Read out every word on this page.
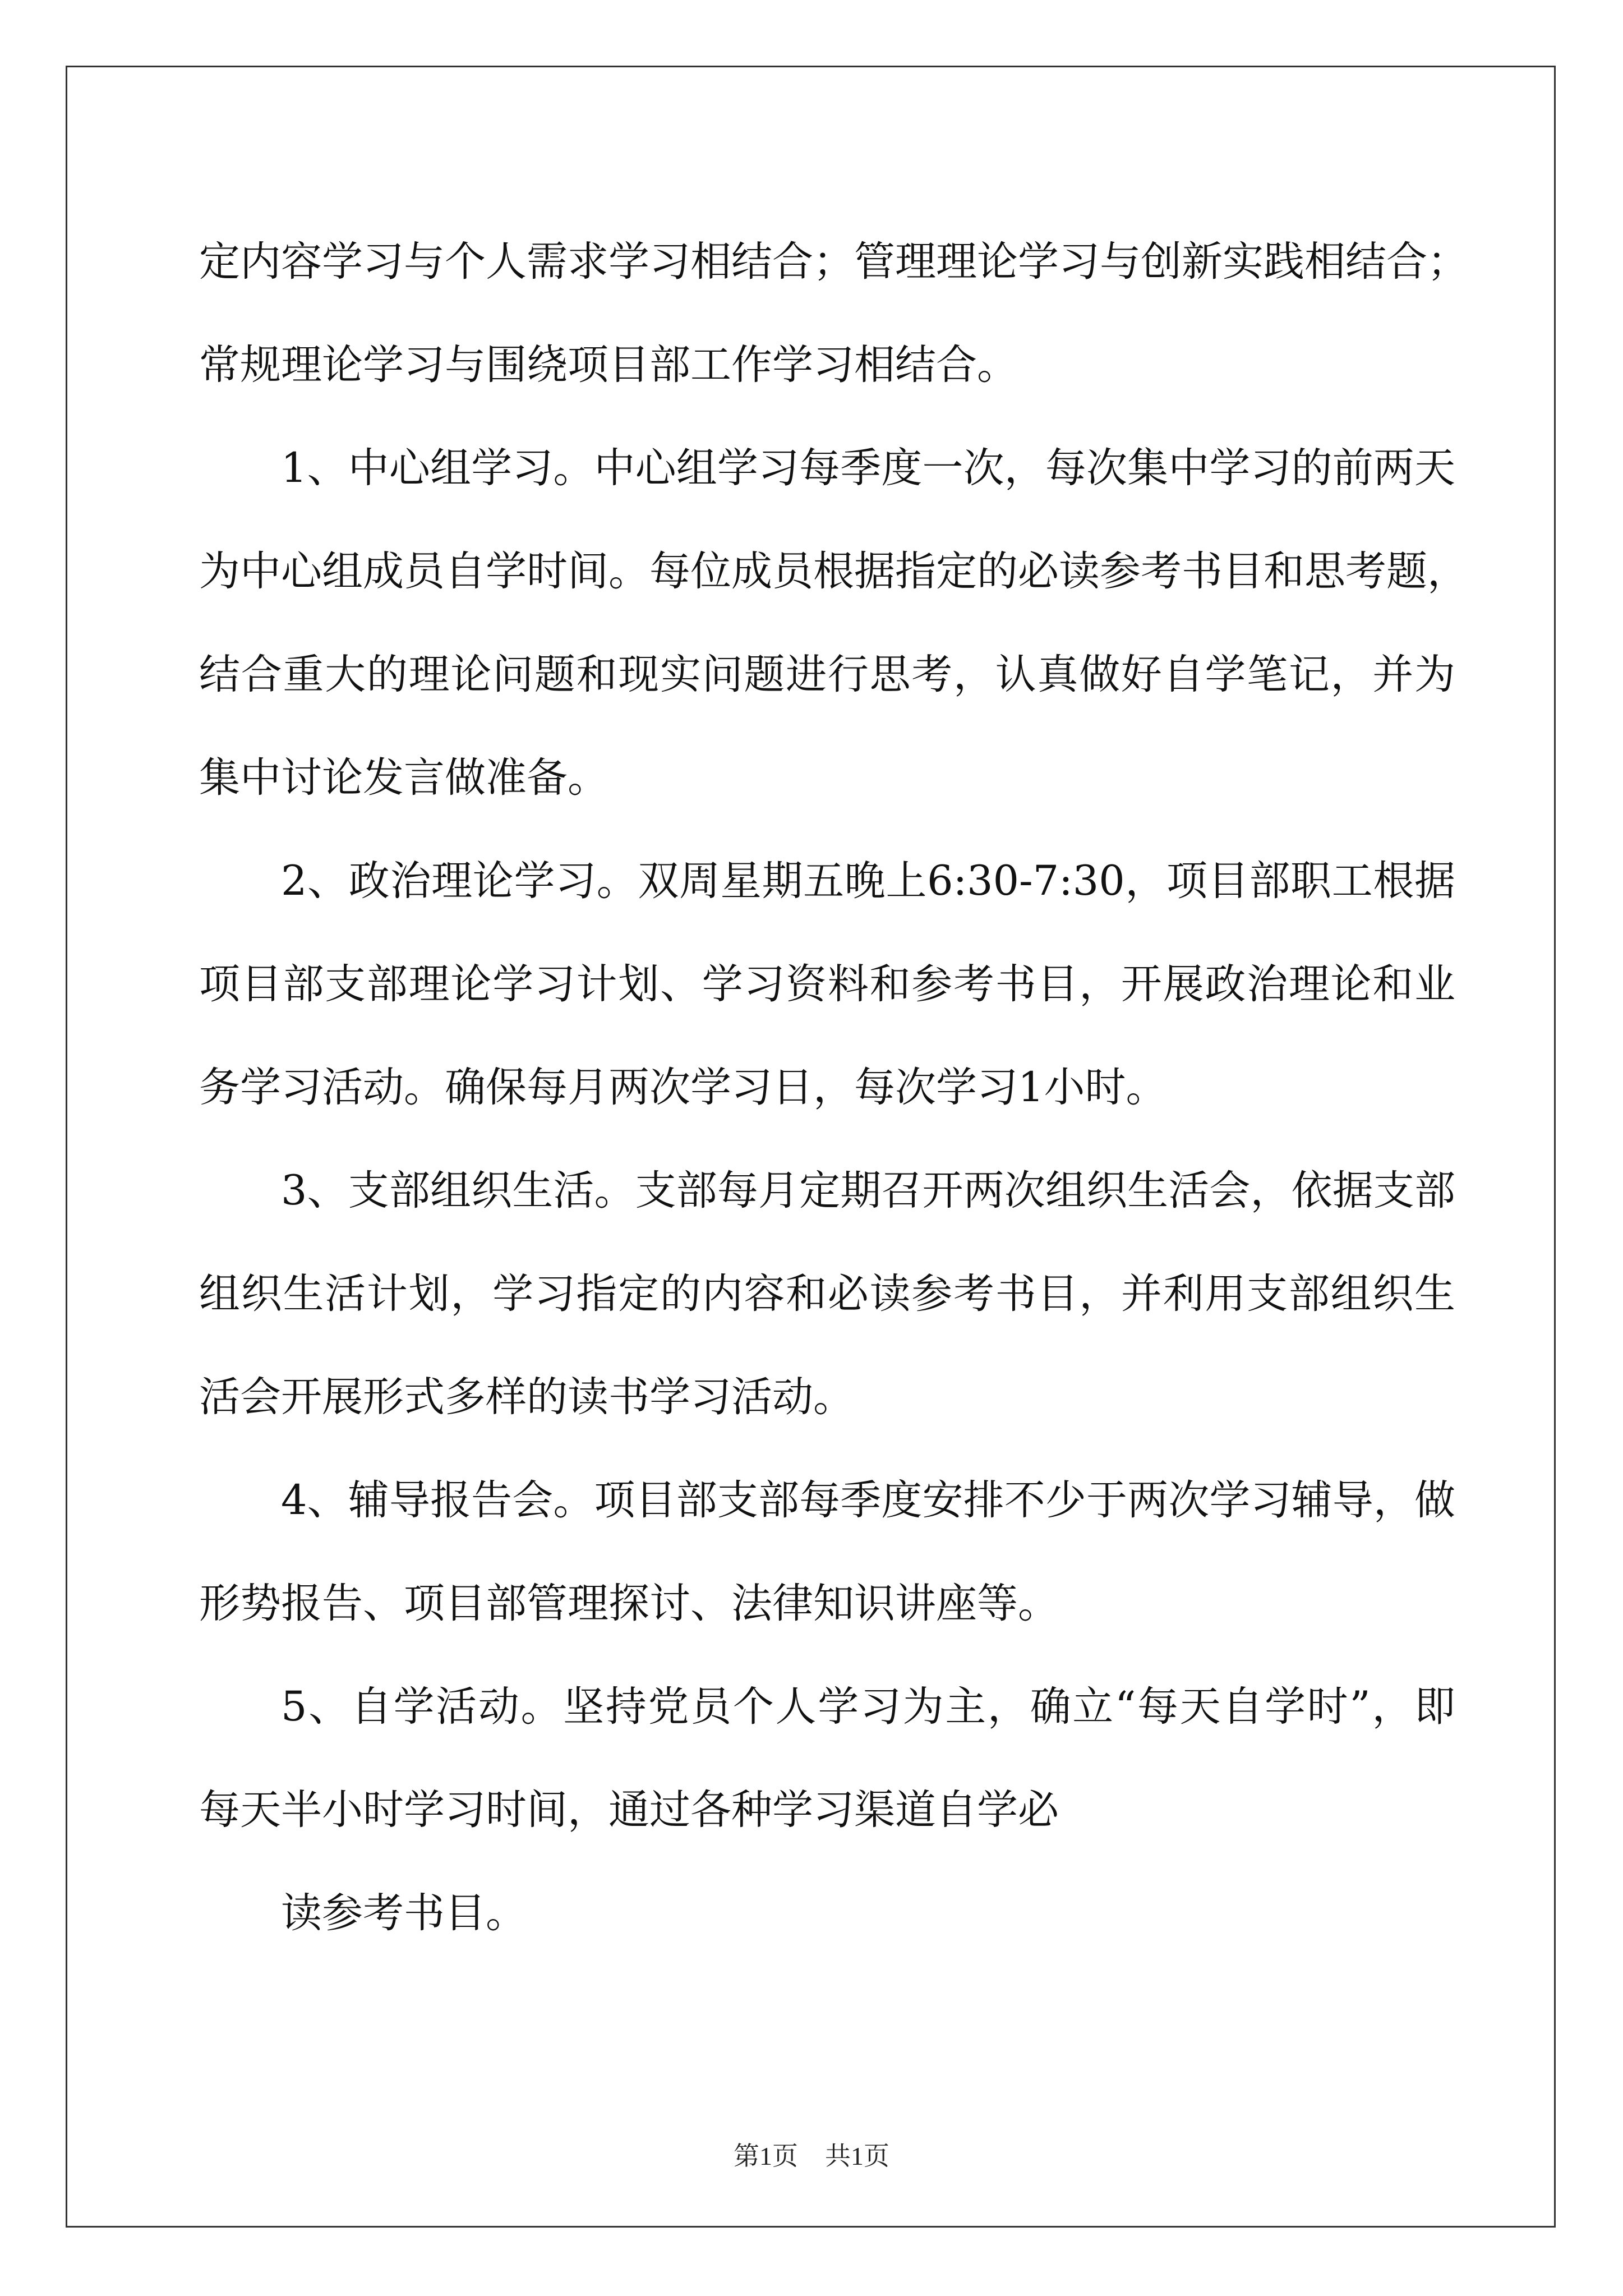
定内容学习与个人需求学习相结合；管理理论学习与创新实践相结合；
常规理论学习与围绕项目部工作学习相结合。
1、中心组学习。中心组学习每季度一次，每次集中学习的前两天
为中心组成员自学时间。每位成员根据指定的必读参考书目和思考题，
结合重大的理论问题和现实问题进行思考，认真做好自学笔记，并为
集中讨论发言做准备。
2、政治理论学习。双周星期五晚上6:30-7:30，项目部职工根据
项目部支部理论学习计划、学习资料和参考书目，开展政治理论和业
务学习活动。确保每月两次学习日，每次学习1小时。
3、支部组织生活。支部每月定期召开两次组织生活会，依据支部
组织生活计划，学习指定的内容和必读参考书目，并利用支部组织生
活会开展形式多样的读书学习活动。
4、辅导报告会。项目部支部每季度安排不少于两次学习辅导，做
形势报告、项目部管理探讨、法律知识讲座等。
5、自学活动。坚持党员个人学习为主，确立“每天自学时”，即
每天半小时学习时间，通过各种学习渠道自学必
读参考书目。
第1页 共1页
